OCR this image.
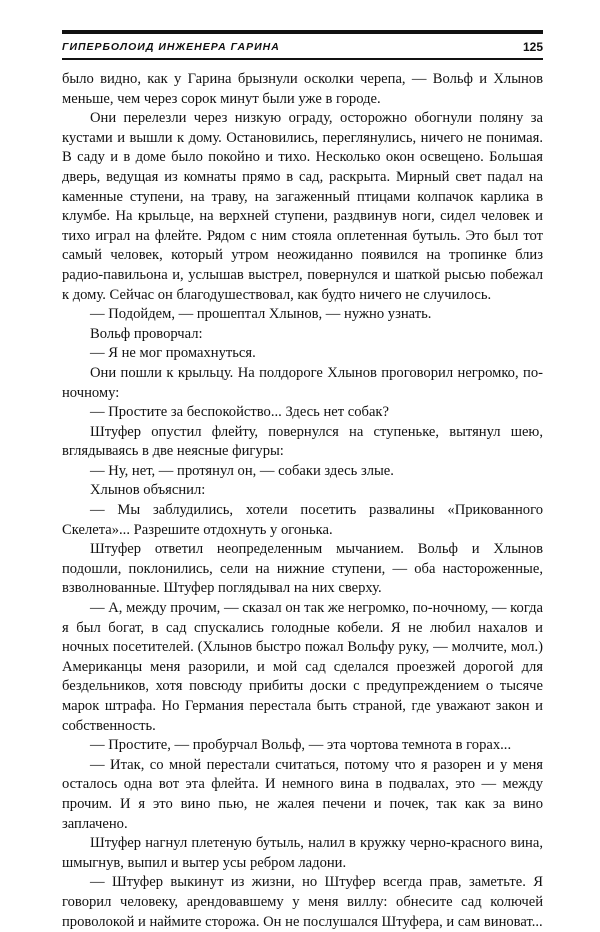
ГИПЕРБОЛОИД ИНЖЕНЕРА ГАРИНА	125

было видно, как у Гарина брызнули осколки черепа, — Вольф и Хлынов меньше, чем через сорок минут были уже в городе.

Они перелезли через низкую ограду, осторожно обогнули поляну за кустами и вышли к дому. Остановились, переглянулись, ничего не понимая. В саду и в доме было покойно и тихо. Несколько окон освещено. Большая дверь, ведущая из комнаты прямо в сад, раскрыта. Мирный свет падал на каменные ступени, на траву, на загаженный птицами колпачок карлика в клумбе. На крыльце, на верхней ступени, раздвинув ноги, сидел человек и тихо играл на флейте. Рядом с ним стояла оплетенная бутыль. Это был тот самый человек, который утром неожиданно появился на тропинке близ радио-павильона и, услышав выстрел, повернулся и шаткой рысью побежал к дому. Сейчас он благодушествовал, как будто ничего не случилось.

— Подойдем, — прошептал Хлынов, — нужно узнать.

Вольф проворчал:

— Я не мог промахнуться.

Они пошли к крыльцу. На полдороге Хлынов проговорил негромко, по-ночному:

— Простите за беспокойство... Здесь нет собак?

Штуфер опустил флейту, повернулся на ступеньке, вытянул шею, вглядываясь в две неясные фигуры:

— Ну, нет, — протянул он, — собаки здесь злые.

Хлынов объяснил:

— Мы заблудились, хотели посетить развалины «Прикованного Скелета»... Разрешите отдохнуть у огонька.

Штуфер ответил неопределенным мычанием. Вольф и Хлынов подошли, поклонились, сели на нижние ступени, — оба настороженные, взволнованные. Штуфер поглядывал на них сверху.

— А, между прочим, — сказал он так же негромко, по-ночному, — когда я был богат, в сад спускались голодные кобели. Я не любил нахалов и ночных посетителей. (Хлынов быстро пожал Вольфу руку, — молчите, мол.) Американцы меня разорили, и мой сад сделался проезжей дорогой для бездельников, хотя повсюду прибиты доски с предупреждением о тысяче марок штрафа. Но Германия перестала быть страной, где уважают закон и собственность.

— Простите, — пробурчал Вольф, — эта чортова темнота в горах...

— Итак, со мной перестали считаться, потому что я разорен и у меня осталось одна вот эта флейта. И немного вина в подвалах, это — между прочим. И я это вино пью, не жалея печени и почек, так как за вино заплачено.

Штуфер нагнул плетеную бутыль, налил в кружку черно-красного вина, шмыгнув, выпил и вытер усы ребром ладони.

— Штуфер выкинут из жизни, но Штуфер всегда прав, заметьте. Я говорил человеку, арендовавшему у меня виллу: обнесите сад колючей проволокой и наймите сторожа. Он не послушался Штуфера, и сам виноват...
